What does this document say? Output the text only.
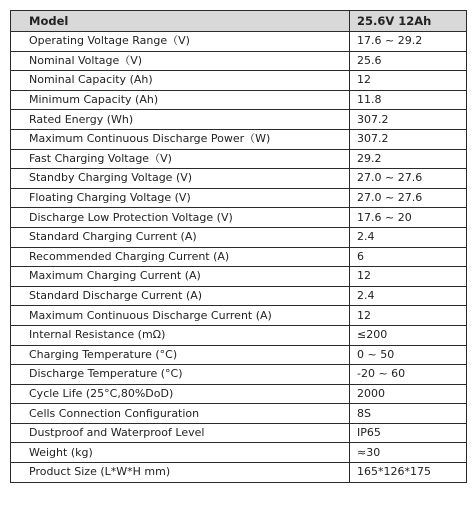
Model	25.6V 12Ah
Operating Voltage Range（V)	17.6 ~ 29.2
Nominal Voltage（V)	25.6
Nominal Capacity (Ah)	12
Minimum Capacity (Ah)	11.8
Rated Energy (Wh)	307.2
Maximum Continuous Discharge Power（W)	307.2
Fast Charging Voltage（V)	29.2
Standby Charging Voltage (V)	27.0 ~ 27.6
Floating Charging Voltage (V)	27.0 ~ 27.6
Discharge Low Protection Voltage (V)	17.6 ~ 20
Standard Charging Current (A)	2.4
Recommended Charging Current (A)	6
Maximum Charging Current (A)	12
Standard Discharge Current (A)	2.4
Maximum Continuous Discharge Current (A)	12
Internal Resistance (mΩ)	≤200
Charging Temperature (°C)	0 ~ 50
Discharge Temperature (°C)	-20 ~ 60
Cycle Life (25°C,80%DoD)	2000
Cells Connection Configuration	8S
Dustproof and Waterproof Level	IP65
Weight (kg)	≈30
Product Size (L*W*H mm)	165*126*175
